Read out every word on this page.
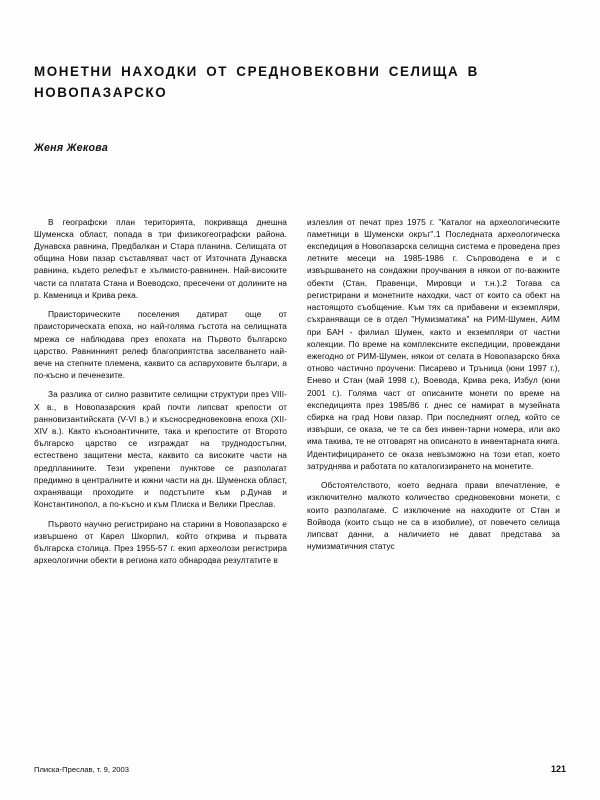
МОНЕТНИ НАХОДКИ ОТ СРЕДНОВЕКОВНИ СЕЛИЩА В НОВОПАЗАРСКО
Женя Жекова

В географски план територията, покриваща днешна Шуменска област, попада в три физикогеографски района. Дунавска равнина, Предбалкан и Стара планина. Селищата от община Нови пазар съставляват част от Източната Дунавска равнина, където релефът е хълмисто-равнинен. Най-високите части са платата Стана и Воеводско, пресечени от долините на р. Каменица и Крива река.

Праисторическите поселения датират още от праисторическата епоха, но най-голяма гъстота на селищната мрежа се наблюдава през епохата на Първото българско царство. Равнинният релеф благоприятства заселването най-вече на степните племена, каквито са аспаруховите българи, а по-късно и печенезите.

За разлика от силно развитите селищни структури през VIII-X в., в Новопазарския край почти липсват крепости от ранновизантийската (V-VI в.) и къснoсредновековна епоха (XII-XIV в.). Както къснoантичните, така и крепостите от Второто българско царство се изграждат на труднодостъпни, естествено защитени места, каквито са високите части на предпланините. Тези укрепени пунктове се разполагат предимно в централните и южни части на дн. Шуменска област, охраняващи проходите и подстъпите към р.Дунав и Константинопол, а по-късно и към Плиска и Велики Преслав.

Първото научно регистрирано на старини в Новопазарско е извършено от Карел Шкорпил, който открива и първата българска столица. През 1955-57 г. екип археолози регистрира археологични обекти в региона като обнародва резултатите в

излезлия от печат през 1975 г. "Каталог на археологическите паметници в Шуменски окръг".1 Последната археологическа експедиция в Новопазарска селищна система е проведена през летните месеци на 1985-1986 г. Съпроводена е и с извършването на сондажни проучвания в някои от по-важните обекти (Стан, Правенци, Мировци и т.н.).2 Тогава са регистрирани и монетните находки, част от които са обект на настоящото съобщение. Към тях са прибавени и екземпляри, съхраняващи се в отдел "Нумизматика" на РИМ-Шумен, АИМ при БАН - филиал Шумен, както и екземпляри от частни колекции. По време на комплексните експедиции, провеждани ежегодно от РИМ-Шумен, някои от селата в Новопазарско бяха отново частично проучени: Писарево и Тръница (юни 1997 г.), Енево и Стан (май 1998 г.), Воевода, Крива река, Избул (юни 2001 г.). Голяма част от описаните монети по време на експедицията през 1985/86 г. днес се намират в музейната сбирка на град Нови пазар. При последният оглед, който се извърши, се оказа, че те са без инвен-тарни номера, или ако има такива, те не отговарят на описаното в инвентарната книга. Идентифицирането се оказа невъзможно на този етап, което затруднява и работата по каталогизирането на монетите.

Обстоятелството, което веднага прави впечатление, е изключително малкото количество средновековни монети, с които разполагаме. С изключение на находките от Стан и Войвода (които също не са в изобилие), от повечето селища липсват данни, а наличието не дават представа за нумизматичния статус

Плиска-Преслав, т. 9, 2003	121
